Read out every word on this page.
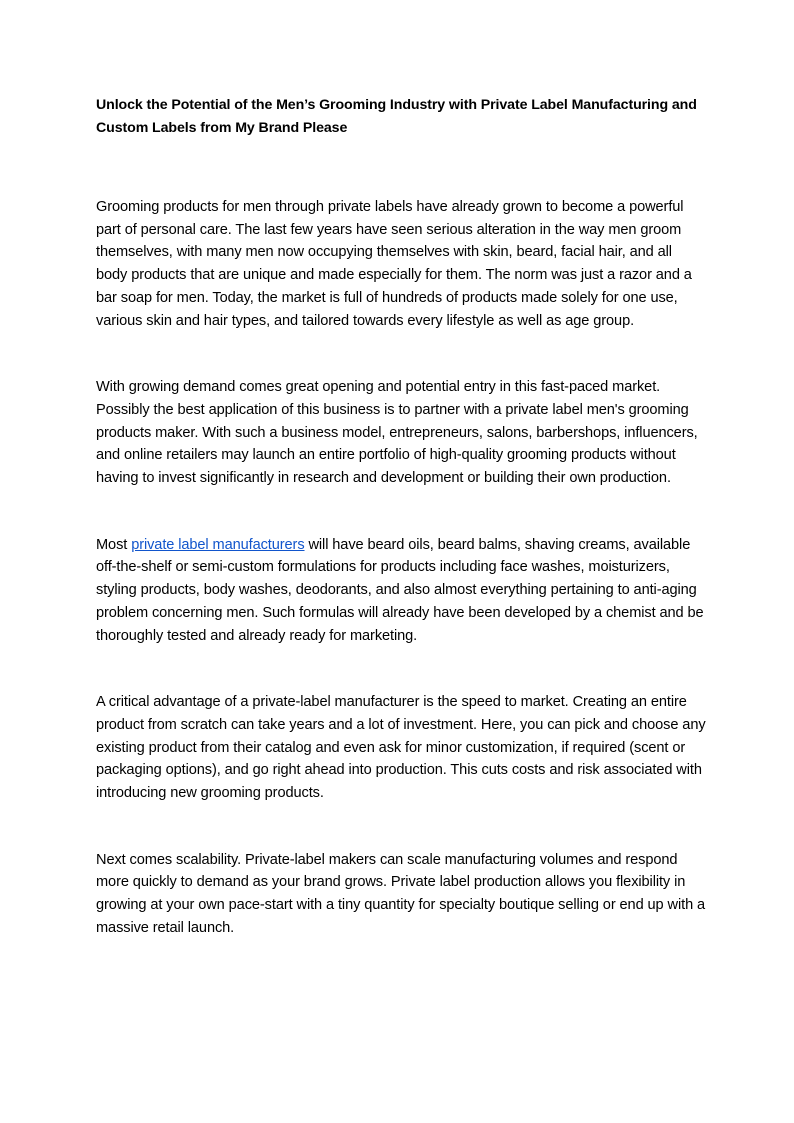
Unlock the Potential of the Men’s Grooming Industry with Private Label Manufacturing and Custom Labels from My Brand Please

Grooming products for men through private labels have already grown to become a powerful part of personal care. The last few years have seen serious alteration in the way men groom themselves, with many men now occupying themselves with skin, beard, facial hair, and all body products that are unique and made especially for them. The norm was just a razor and a bar soap for men. Today, the market is full of hundreds of products made solely for one use, various skin and hair types, and tailored towards every lifestyle as well as age group.

With growing demand comes great opening and potential entry in this fast-paced market. Possibly the best application of this business is to partner with a private label men's grooming products maker. With such a business model, entrepreneurs, salons, barbershops, influencers, and online retailers may launch an entire portfolio of high-quality grooming products without having to invest significantly in research and development or building their own production.

Most private label manufacturers will have beard oils, beard balms, shaving creams, available off-the-shelf or semi-custom formulations for products including face washes, moisturizers, styling products, body washes, deodorants, and also almost everything pertaining to anti-aging problem concerning men. Such formulas will already have been developed by a chemist and be thoroughly tested and already ready for marketing.

A critical advantage of a private-label manufacturer is the speed to market. Creating an entire product from scratch can take years and a lot of investment. Here, you can pick and choose any existing product from their catalog and even ask for minor customization, if required (scent or packaging options), and go right ahead into production. This cuts costs and risk associated with introducing new grooming products.

Next comes scalability. Private-label makers can scale manufacturing volumes and respond more quickly to demand as your brand grows. Private label production allows you flexibility in growing at your own pace-start with a tiny quantity for specialty boutique selling or end up with a massive retail launch.
